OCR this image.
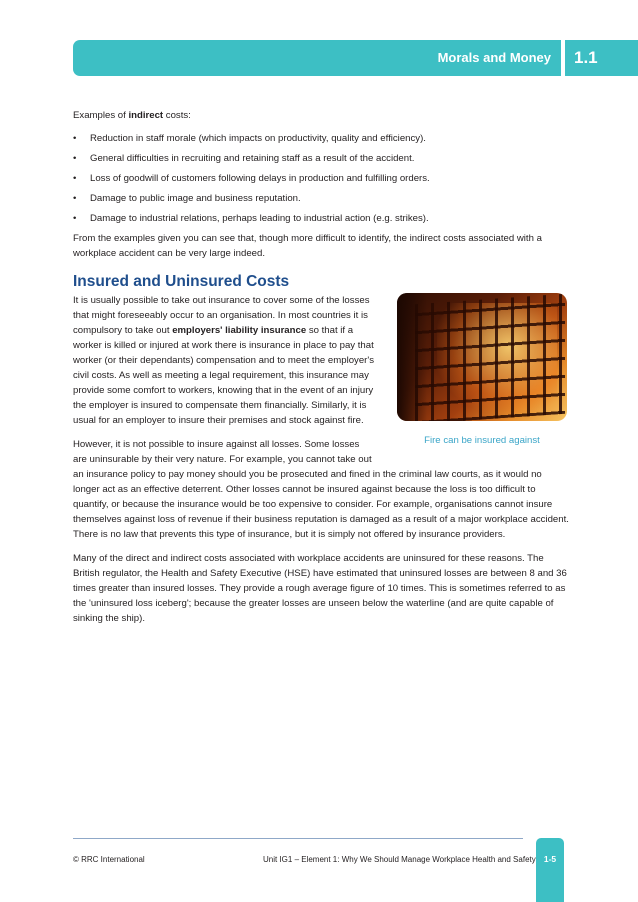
Morals and Money 1.1

Examples of indirect costs:

• Reduction in staff morale (which impacts on productivity, quality and efficiency).
• General difficulties in recruiting and retaining staff as a result of the accident.
• Loss of goodwill of customers following delays in production and fulfilling orders.
• Damage to public image and business reputation.
• Damage to industrial relations, perhaps leading to industrial action (e.g. strikes).

From the examples given you can see that, though more difficult to identify, the indirect costs associated with a workplace accident can be very large indeed.

Insured and Uninsured Costs
Fire can be insured against

It is usually possible to take out insurance to cover some of the losses that might foreseeably occur to an organisation. In most countries it is compulsory to take out employers' liability insurance so that if a worker is killed or injured at work there is insurance in place to pay that worker (or their dependants) compensation and to meet the employer's civil costs. As well as meeting a legal requirement, this insurance may provide some comfort to workers, knowing that in the event of an injury the employer is insured to compensate them financially. Similarly, it is usual for an employer to insure their premises and stock against fire.

However, it is not possible to insure against all losses. Some losses are uninsurable by their very nature. For example, you cannot take out an insurance policy to pay money should you be prosecuted and fined in the criminal law courts, as it would no longer act as an effective deterrent. Other losses cannot be insured against because the loss is too difficult to quantify, or because the insurance would be too expensive to consider. For example, organisations cannot insure themselves against loss of revenue if their business reputation is damaged as a result of a major workplace accident. There is no law that prevents this type of insurance, but it is simply not offered by insurance providers.

Many of the direct and indirect costs associated with workplace accidents are uninsured for these reasons. The British regulator, the Health and Safety Executive (HSE) have estimated that uninsured losses are between 8 and 36 times greater than insured losses. They provide a rough average figure of 10 times. This is sometimes referred to as the 'uninsured loss iceberg'; because the greater losses are unseen below the waterline (and are quite capable of sinking the ship).

© RRC International	Unit IG1 – Element 1: Why We Should Manage Workplace Health and Safety 1-5
